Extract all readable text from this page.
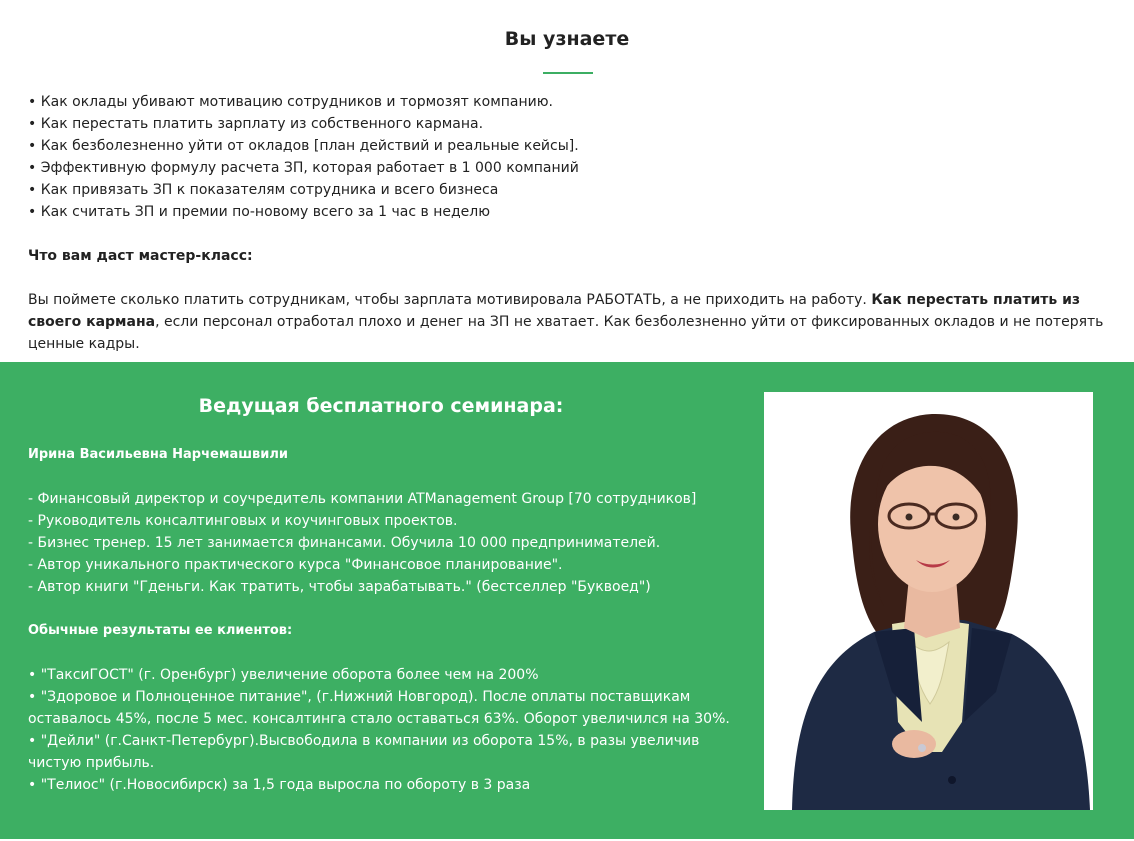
Вы узнаете
• Как оклады убивают мотивацию сотрудников и тормозят компанию.
• Как перестать платить зарплату из собственного кармана.
• Как безболезненно уйти от окладов [план действий и реальные кейсы].
• Эффективную формулу расчета ЗП, которая работает в 1 000 компаний
• Как привязать ЗП к показателям сотрудника и всего бизнеса
• Как считать ЗП и премии по-новому всего за 1 час в неделю
Что вам даст мастер-класс:

Вы поймете сколько платить сотрудникам, чтобы зарплата мотивировала РАБОТАТЬ, а не приходить на работу. Как перестать платить из своего кармана, если персонал отработал плохо и денег на ЗП не хватает. Как безболезненно уйти от фиксированных окладов и не потерять ценные кадры.

Ведущая бесплатного семинара:
Ирина Васильевна Нарчемашвили
- Финансовый директор и соучредитель компании ATManagement Group [70 сотрудников]
- Руководитель консалтинговых и коучинговых проектов.
- Бизнес тренер. 15 лет занимается финансами. Обучила 10 000 предпринимателей.
- Автор уникального практического курса "Финансовое планирование".
- Автор книги "Гденьги. Как тратить, чтобы зарабатывать." (бестселлер "Буквоед")
Обычные результаты ее клиентов:
• "ТаксиГОСТ" (г. Оренбург) увеличение оборота более чем на 200%
• "Здоровое и Полноценное питание", (г.Нижний Новгород). После оплаты поставщикам оставалось 45%, после 5 мес. консалтинга стало оставаться 63%. Оборот увеличился на 30%.
• "Дейли" (г.Санкт-Петербург).Высвободила в компании из оборота 15%, в разы увеличив чистую прибыль.
• "Телиос" (г.Новосибирск) за 1,5 года выросла по обороту в 3 раза
